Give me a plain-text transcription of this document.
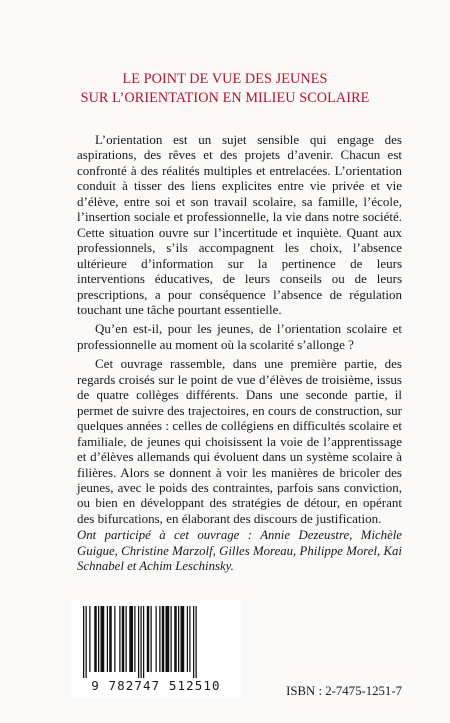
LE POINT DE VUE DES JEUNES
SUR L’ORIENTATION EN MILIEU SCOLAIRE

L’orientation est un sujet sensible qui engage des aspirations, des rêves et des projets d’avenir. Chacun est confronté à des réalités multiples et entrelacées. L’orientation conduit à tisser des liens explicites entre vie privée et vie d’élève, entre soi et son travail scolaire, sa famille, l’école, l’insertion sociale et professionnelle, la vie dans notre société. Cette situation ouvre sur l’incertitude et inquiète. Quant aux professionnels, s’ils accompagnent les choix, l’absence ultérieure d’information sur la pertinence de leurs interventions éducatives, de leurs conseils ou de leurs prescriptions, a pour conséquence l’absence de régulation touchant une tâche pourtant essentielle.

Qu’en est-il, pour les jeunes, de l’orientation scolaire et professionnelle au moment où la scolarité s’allonge ?

Cet ouvrage rassemble, dans une première partie, des regards croisés sur le point de vue d’élèves de troisième, issus de quatre collèges différents. Dans une seconde partie, il permet de suivre des trajectoires, en cours de construction, sur quelques années : celles de collégiens en difficultés scolaire et familiale, de jeunes qui choisissent la voie de l’apprentissage et d’élèves allemands qui évoluent dans un système scolaire à filières. Alors se donnent à voir les manières de bricoler des jeunes, avec le poids des contraintes, parfois sans conviction, ou bien en développant des stratégies de détour, en opérant des bifurcations, en élaborant des discours de justification.

Ont participé à cet ouvrage : Annie Dezeustre, Michèle Guigue, Christine Marzolf, Gilles Moreau, Philippe Morel, Kai Schnabel et Achim Leschinsky.
9 782747 512510	ISBN : 2-7475-1251-7
